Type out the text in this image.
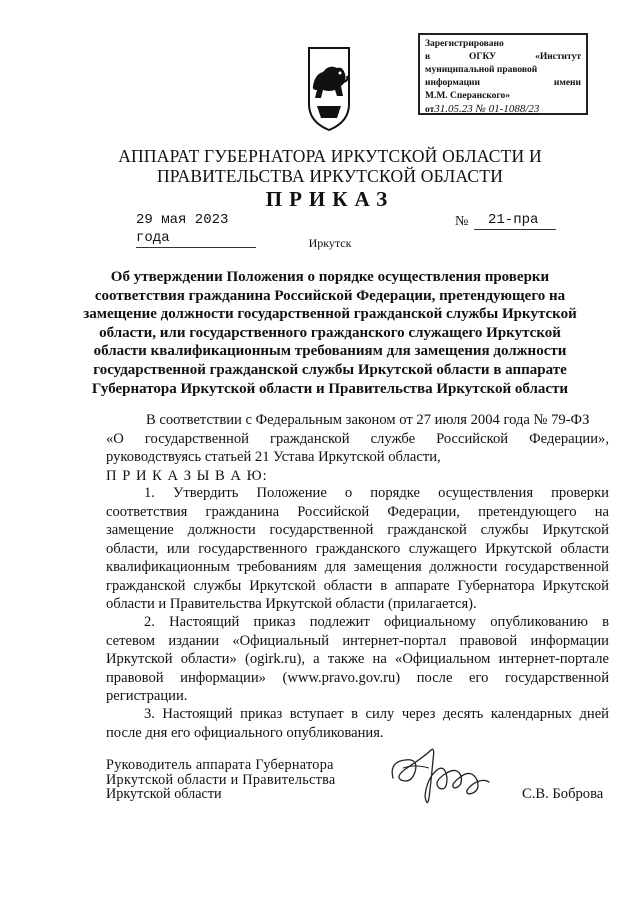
Зарегистрировано
в	ОГКУ	«Институт
муниципальной правовой
информации	имени
М.М. Сперанского»
от31.05.23 № 01-1088/23
АППАРАТ ГУБЕРНАТОРА ИРКУТСКОЙ ОБЛАСТИ И
ПРАВИТЕЛЬСТВА ИРКУТСКОЙ ОБЛАСТИ
ПРИКАЗ
29 мая 2023 года
№	21-пра
Иркутск
Об утверждении Положения о порядке осуществления проверки
соответствия гражданина Российской Федерации, претендующего на
замещение должности государственной гражданской службы Иркутской
области, или государственного гражданского служащего Иркутской
области квалификационным требованиям для замещения должности
государственной гражданской службы Иркутской области в аппарате
Губернатора Иркутской области и Правительства Иркутской области
В соответствии с Федеральным законом от 27 июля 2004 года № 79-ФЗ
«О государственной гражданской службе Российской Федерации»,
руководствуясь статьей 21 Устава Иркутской области,
П Р И К А З Ы В А Ю:
1. Утвердить Положение о порядке осуществления проверки
соответствия гражданина Российской Федерации, претендующего на
замещение должности государственной гражданской службы Иркутской
области, или государственного гражданского служащего Иркутской области
квалификационным требованиям для замещения должности государственной
гражданской службы Иркутской области в аппарате Губернатора Иркутской
области и Правительства Иркутской области (прилагается).
2. Настоящий приказ подлежит официальному опубликованию в
сетевом издании «Официальный интернет-портал правовой информации
Иркутской области» (ogirk.ru), а также на «Официальном интернет-портале
правовой информации» (www.pravo.gov.ru) после его государственной
регистрации.
3. Настоящий приказ вступает в силу через десять календарных дней
после дня его официального опубликования.
Руководитель аппарата Губернатора
Иркутской области и Правительства
Иркутской области	С.В. Боброва
